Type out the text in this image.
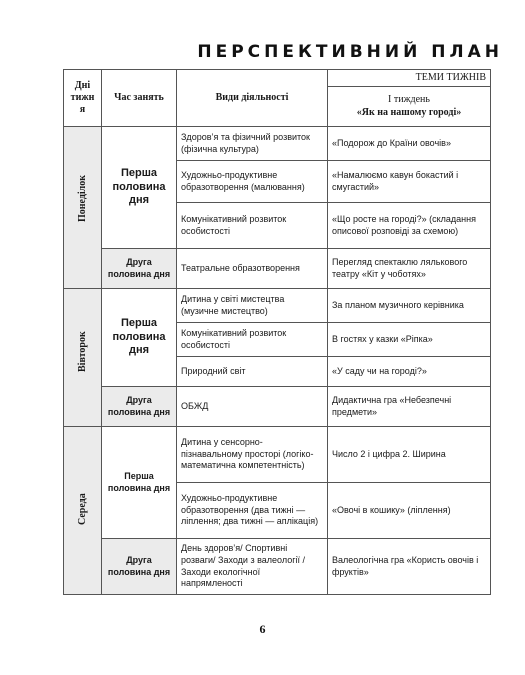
ПЕРСПЕКТИВНИЙ ПЛАН
Дні тижня	Час занять	Види діяльності	ТЕМИ ТИЖНІВ

			І тиждень
«Як на нашому городі»

Понеділок	Перша половина дня	Здоров’я та фізичний розвиток (фізична культура)	«Подорож до Країни овочів»
		Художньо-продуктивне образотворення (малювання)	«Намалюємо кавун бокастий і смугастий»
		Комунікативний розвиток особистості	«Що росте на городі?» (складання описової розповіді за схемою)
	Друга половина дня	Театральне образотворення	Перегляд спектаклю лялькового театру «Кіт у чоботях»

Вівторок	Перша половина дня	Дитина у світі мистецтва (музичне мистецтво)	За планом музичного керівника
		Комунікативний розвиток особистості	В гостях у казки «Ріпка»
		Природний світ	«У саду чи на городі?»
	Друга половина дня	ОБЖД	Дидактична гра «Небезпечні предмети»

Середа	Перша половина дня	Дитина у сенсорно-пізнавальному просторі (логіко-математична компетентність)	Число 2 і цифра 2. Ширина
		Художньо-продуктивне образотворення (два тижні — ліплення; два тижні — аплікація)	«Овочі в кошику» (ліплення)
	Друга половина дня	День здоров’я/ Спортивні розваги/ Заходи з валеології /Заходи екологічної напрямленості	Валеологічна гра «Користь овочів і фруктів»
6
